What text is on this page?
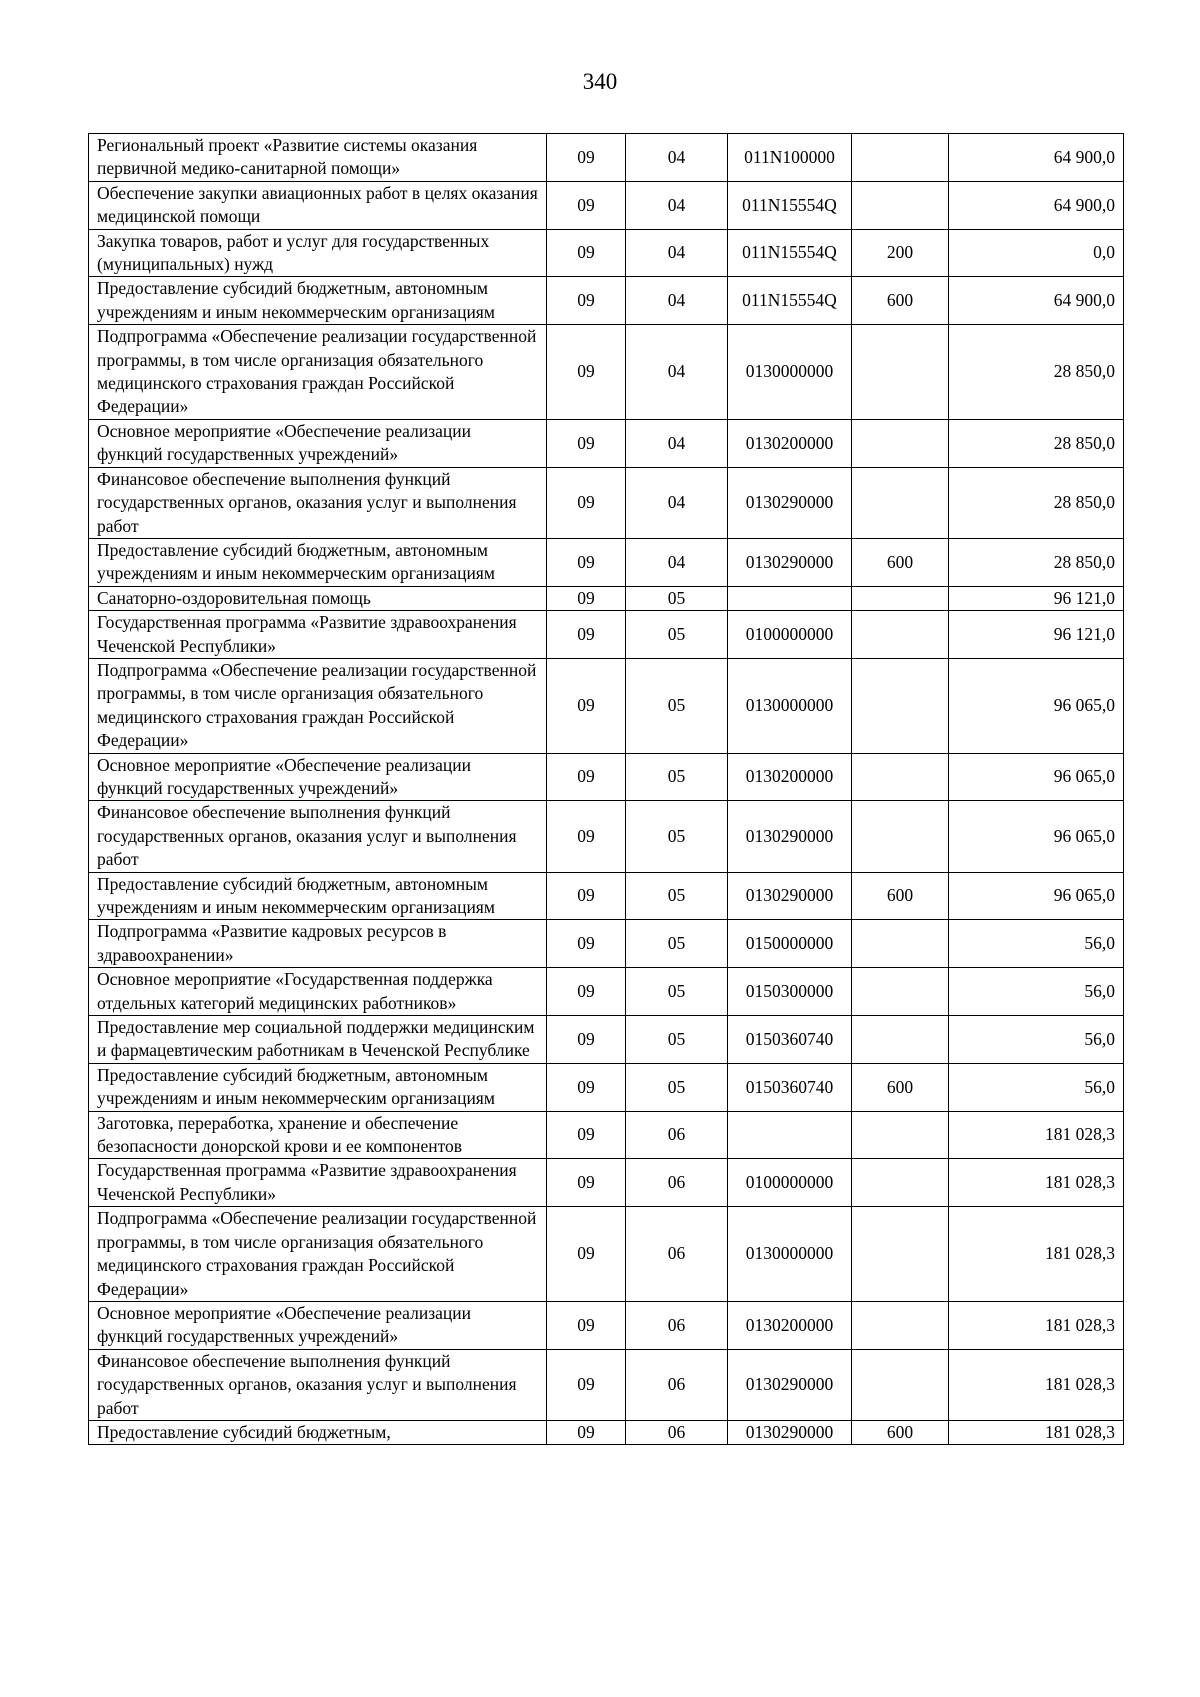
340
Региональный проект «Развитие системы оказания первичной медико-санитарной помощи»	09	04	011N100000		64 900,0
Обеспечение закупки авиационных работ в целях оказания медицинской помощи	09	04	011N15554Q		64 900,0
Закупка товаров, работ и услуг для государственных (муниципальных) нужд	09	04	011N15554Q	200	0,0
Предоставление субсидий бюджетным, автономным учреждениям и иным некоммерческим организациям	09	04	011N15554Q	600	64 900,0
Подпрограмма «Обеспечение реализации государственной программы, в том числе организация обязательного медицинского страхования граждан Российской Федерации»	09	04	0130000000		28 850,0
Основное мероприятие «Обеспечение реализации функций государственных учреждений»	09	04	0130200000		28 850,0
Финансовое обеспечение выполнения функций государственных органов, оказания услуг и выполнения работ	09	04	0130290000		28 850,0
Предоставление субсидий бюджетным, автономным учреждениям и иным некоммерческим организациям	09	04	0130290000	600	28 850,0
Санаторно-оздоровительная помощь	09	05			96 121,0
Государственная программа «Развитие здравоохранения Чеченской Республики»	09	05	0100000000		96 121,0
Подпрограмма «Обеспечение реализации государственной программы, в том числе организация обязательного медицинского страхования граждан Российской Федерации»	09	05	0130000000		96 065,0
Основное мероприятие «Обеспечение реализации функций государственных учреждений»	09	05	0130200000		96 065,0
Финансовое обеспечение выполнения функций государственных органов, оказания услуг и выполнения работ	09	05	0130290000		96 065,0
Предоставление субсидий бюджетным, автономным учреждениям и иным некоммерческим организациям	09	05	0130290000	600	96 065,0
Подпрограмма «Развитие кадровых ресурсов в здравоохранении»	09	05	0150000000		56,0
Основное мероприятие «Государственная поддержка отдельных категорий медицинских работников»	09	05	0150300000		56,0
Предоставление мер социальной поддержки медицинским и фармацевтическим работникам в Чеченской Республике	09	05	0150360740		56,0
Предоставление субсидий бюджетным, автономным учреждениям и иным некоммерческим организациям	09	05	0150360740	600	56,0
Заготовка, переработка, хранение и обеспечение безопасности донорской крови и ее компонентов	09	06			181 028,3
Государственная программа «Развитие здравоохранения Чеченской Республики»	09	06	0100000000		181 028,3
Подпрограмма «Обеспечение реализации государственной программы, в том числе организация обязательного медицинского страхования граждан Российской Федерации»	09	06	0130000000		181 028,3
Основное мероприятие «Обеспечение реализации функций государственных учреждений»	09	06	0130200000		181 028,3
Финансовое обеспечение выполнения функций государственных органов, оказания услуг и выполнения работ	09	06	0130290000		181 028,3
Предоставление субсидий бюджетным,	09	06	0130290000	600	181 028,3
